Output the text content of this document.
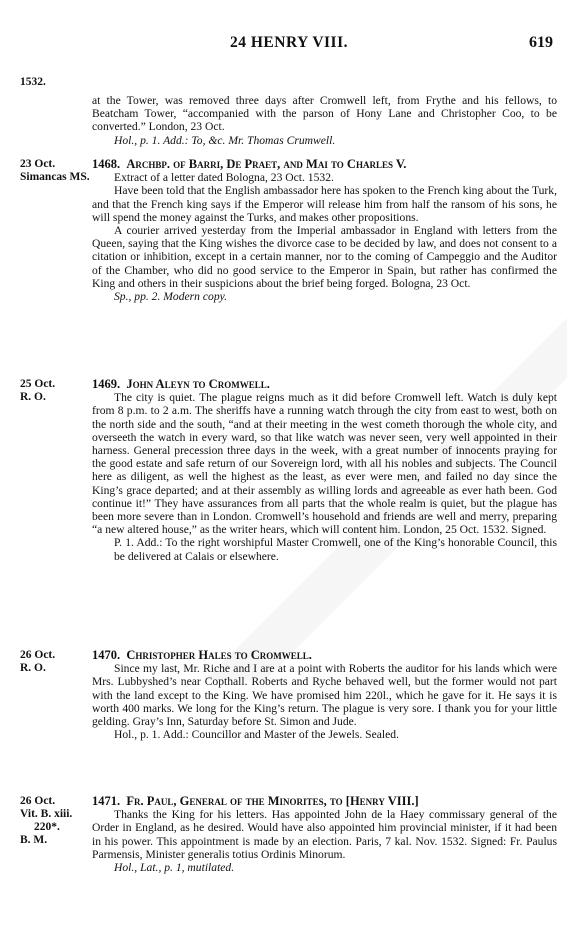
24 HENRY VIII.	619
1532.

at the Tower, was removed three days after Cromwell left, from Frythe and his fellows, to Beatcham Tower, “accompanied with the parson of Hony Lane and Christopher Coo, to be converted.” London, 23 Oct.

Hol., p. 1. Add.: To, &c. Mr. Thomas Crumwell.

23 Oct.
Simancas MS.

1468. Archbp. of Barri, De Praet, and Mai to Charles V.

Extract of a letter dated Bologna, 23 Oct. 1532.

Have been told that the English ambassador here has spoken to the French king about the Turk, and that the French king says if the Emperor will release him from half the ransom of his sons, he will spend the money against the Turks, and makes other propositions.

A courier arrived yesterday from the Imperial ambassador in England with letters from the Queen, saying that the King wishes the divorce case to be decided by law, and does not consent to a citation or inhibition, except in a certain manner, nor to the coming of Campeggio and the Auditor of the Chamber, who did no good service to the Emperor in Spain, but rather has confirmed the King and others in their suspicions about the brief being forged. Bologna, 23 Oct.

Sp., pp. 2. Modern copy.

25 Oct.
R. O.

1469. John Aleyn to Cromwell.

The city is quiet. The plague reigns much as it did before Cromwell left. Watch is duly kept from 8 p.m. to 2 a.m. The sheriffs have a running watch through the city from east to west, both on the north side and the south, “and at their meeting in the west cometh thorough the whole city, and overseeth the watch in every ward, so that like watch was never seen, very well appointed in their harness. General precession three days in the week, with a great number of innocents praying for the good estate and safe return of our Sovereign lord, with all his nobles and subjects. The Council here as diligent, as well the highest as the least, as ever were men, and failed no day since the King’s grace departed; and at their assembly as willing lords and agreeable as ever hath been. God continue it!” They have assurances from all parts that the whole realm is quiet, but the plague has been more severe than in London. Cromwell’s household and friends are well and merry, preparing “a new altered house,” as the writer hears, which will content him. London, 25 Oct. 1532. Signed.

P. 1. Add.: To the right worshipful Master Cromwell, one of the King’s honorable Council, this be delivered at Calais or elsewhere.

26 Oct.
R. O.

1470. Christopher Hales to Cromwell.

Since my last, Mr. Riche and I are at a point with Roberts the auditor for his lands which were Mrs. Lubbyshed’s near Copthall. Roberts and Ryche behaved well, but the former would not part with the land except to the King. We have promised him 220l., which he gave for it. He says it is worth 400 marks. We long for the King’s return. The plague is very sore. I thank you for your little gelding. Gray’s Inn, Saturday before St. Simon and Jude.

Hol., p. 1. Add.: Councillor and Master of the Jewels. Sealed.

26 Oct.
Vit. B. xiii.
220*.
B. M.

1471. Fr. Paul, General of the Minorites, to [Henry VIII.]

Thanks the King for his letters. Has appointed John de la Haey commissary general of the Order in England, as he desired. Would have also appointed him provincial minister, if it had been in his power. This appointment is made by an election. Paris, 7 kal. Nov. 1532. Signed: Fr. Paulus Parmensis, Minister generalis totius Ordinis Minorum.

Hol., Lat., p. 1, mutilated.
